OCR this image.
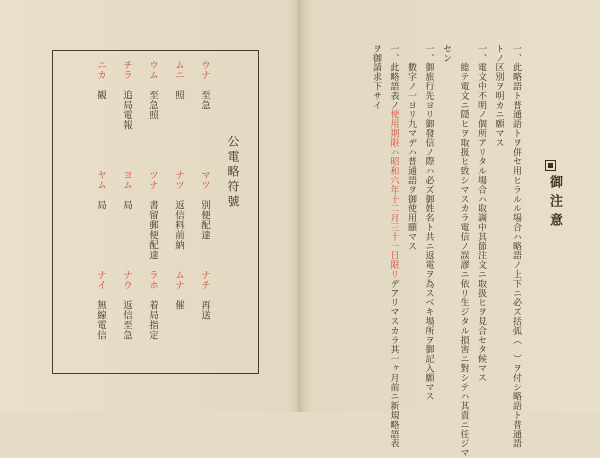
公電略符號
ウナ　至急
マツ　別便配達
ナチ　再送
ムニ　照
ナツ　返信料前納
ムナ　催
ウム　至急照
ツナ　書留郵便配達
ラホ　着局指定
チラ　追局電報
ヨム　局
ナウ　返信至急
ニカ　観
ヤム　局
ナイ　無線電信
御注意
一、此略語ト普通語トヲ併セ用ヒラルル場合ハ略語ノ上下ニ必ズ括弧（　）ヲ付シ略語ト普通語
トノ区別ヲ明カニ願マス
一、電文中不明ノ個所アリタル場合ハ取調中其節注文ニ取扱ヒヲ見合セタ候マス
　　総テ電文ニ隠ヒヲ取扱ヒ致シマスカラ電信ノ誤謬ニ依リ生ジタル損害ニ對シテハ其責ニ任ジマ
セン
一、御旅行先ヨリ御發信ノ際ハ必ズ御姓名ト共ニ返電ヲ為スベキ場所ヲ御記入願マス
　　數字ノ一ヨリ九マデハ普通語ヲ御使用願マス
一、此略語表ノ使用期限ハ昭和六年十二月三十一日限リデアリマスカラ其一ヶ月前ニ新規略語表
ヲ御請求下サイ
